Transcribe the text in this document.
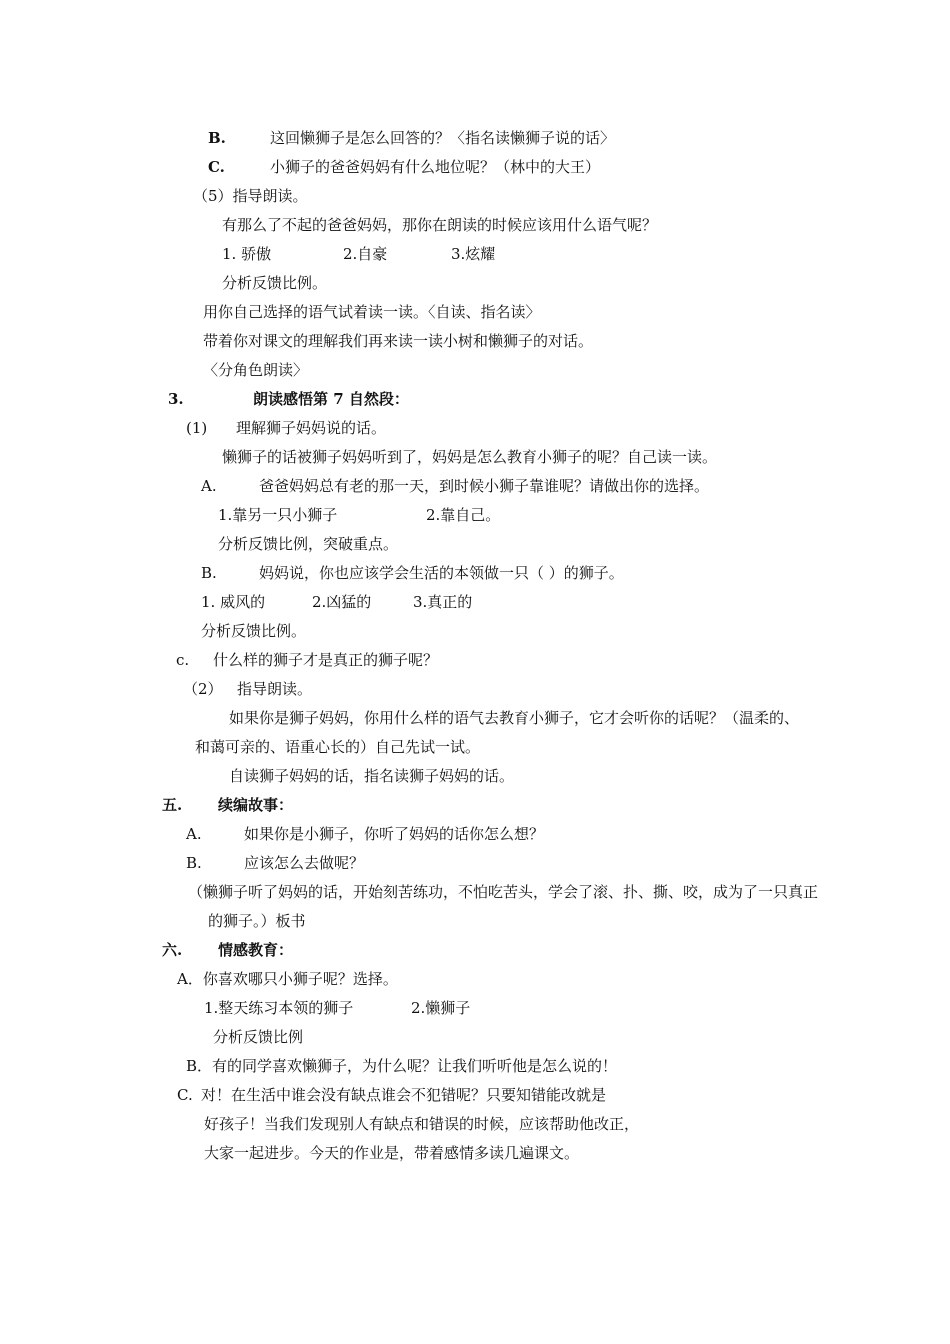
B.	这回懒狮子是怎么回答的？〈指名读懒狮子说的话〉
C.	小狮子的爸爸妈妈有什么地位呢？（林中的大王）
（5）指导朗读。
有那么了不起的爸爸妈妈，那你在朗读的时候应该用什么语气呢？
1. 骄傲	2.自豪	3.炫耀
分析反馈比例。
用你自己选择的语气试着读一读。〈自读、指名读〉
带着你对课文的理解我们再来读一读小树和懒狮子的对话。
〈分角色朗读〉
3.	朗读感悟第 7 自然段：
(1) 理解狮子妈妈说的话。
懒狮子的话被狮子妈妈听到了，妈妈是怎么教育小狮子的呢？自己读一读。
A.	爸爸妈妈总有老的那一天，到时候小狮子靠谁呢？请做出你的选择。
1.靠另一只小狮子	2.靠自己。
分析反馈比例，突破重点。
B.	妈妈说，你也应该学会生活的本领做一只（ ）的狮子。
1. 威风的	2.凶猛的	3.真正的
分析反馈比例。
c. 什么样的狮子才是真正的狮子呢？
（2） 指导朗读。
如果你是狮子妈妈，你用什么样的语气去教育小狮子，它才会听你的话呢？（温柔的、
和蔼可亲的、语重心长的）自己先试一试。
自读狮子妈妈的话，指名读狮子妈妈的话。
五. 续编故事：
A.	如果你是小狮子，你听了妈妈的话你怎么想？
B.	应该怎么去做呢？
（懒狮子听了妈妈的话，开始刻苦练功，不怕吃苦头，学会了滚、扑、撕、咬，成为了一只真正
的狮子。）板书
六. 情感教育：
A．你喜欢哪只小狮子呢？选择。
1.整天练习本领的狮子	2.懒狮子
分析反馈比例
B．有的同学喜欢懒狮子，为什么呢？让我们听听他是怎么说的！
C. 对！在生活中谁会没有缺点谁会不犯错呢？只要知错能改就是
好孩子！当我们发现别人有缺点和错误的时候，应该帮助他改正，
大家一起进步。今天的作业是，带着感情多读几遍课文。
